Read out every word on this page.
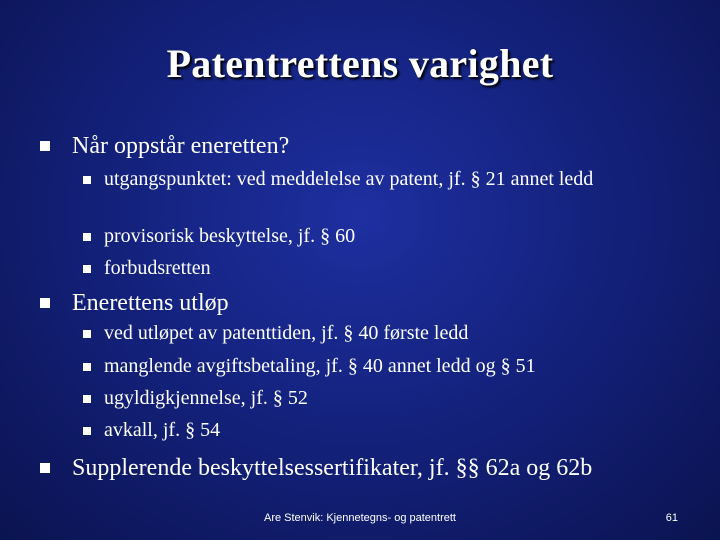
Patentrettens varighet
Når oppstår eneretten?
utgangspunktet: ved meddelelse av patent, jf. § 21 annet ledd
provisorisk beskyttelse, jf. § 60
forbudsretten
Enerettens utløp
ved utløpet av patenttiden, jf. § 40 første ledd
manglende avgiftsbetaling, jf. § 40 annet ledd og § 51
ugyldigkjennelse, jf. § 52
avkall, jf. § 54
Supplerende beskyttelsessertifikater, jf. §§ 62a og 62b
Are Stenvik: Kjennetegns- og patentrett	61
